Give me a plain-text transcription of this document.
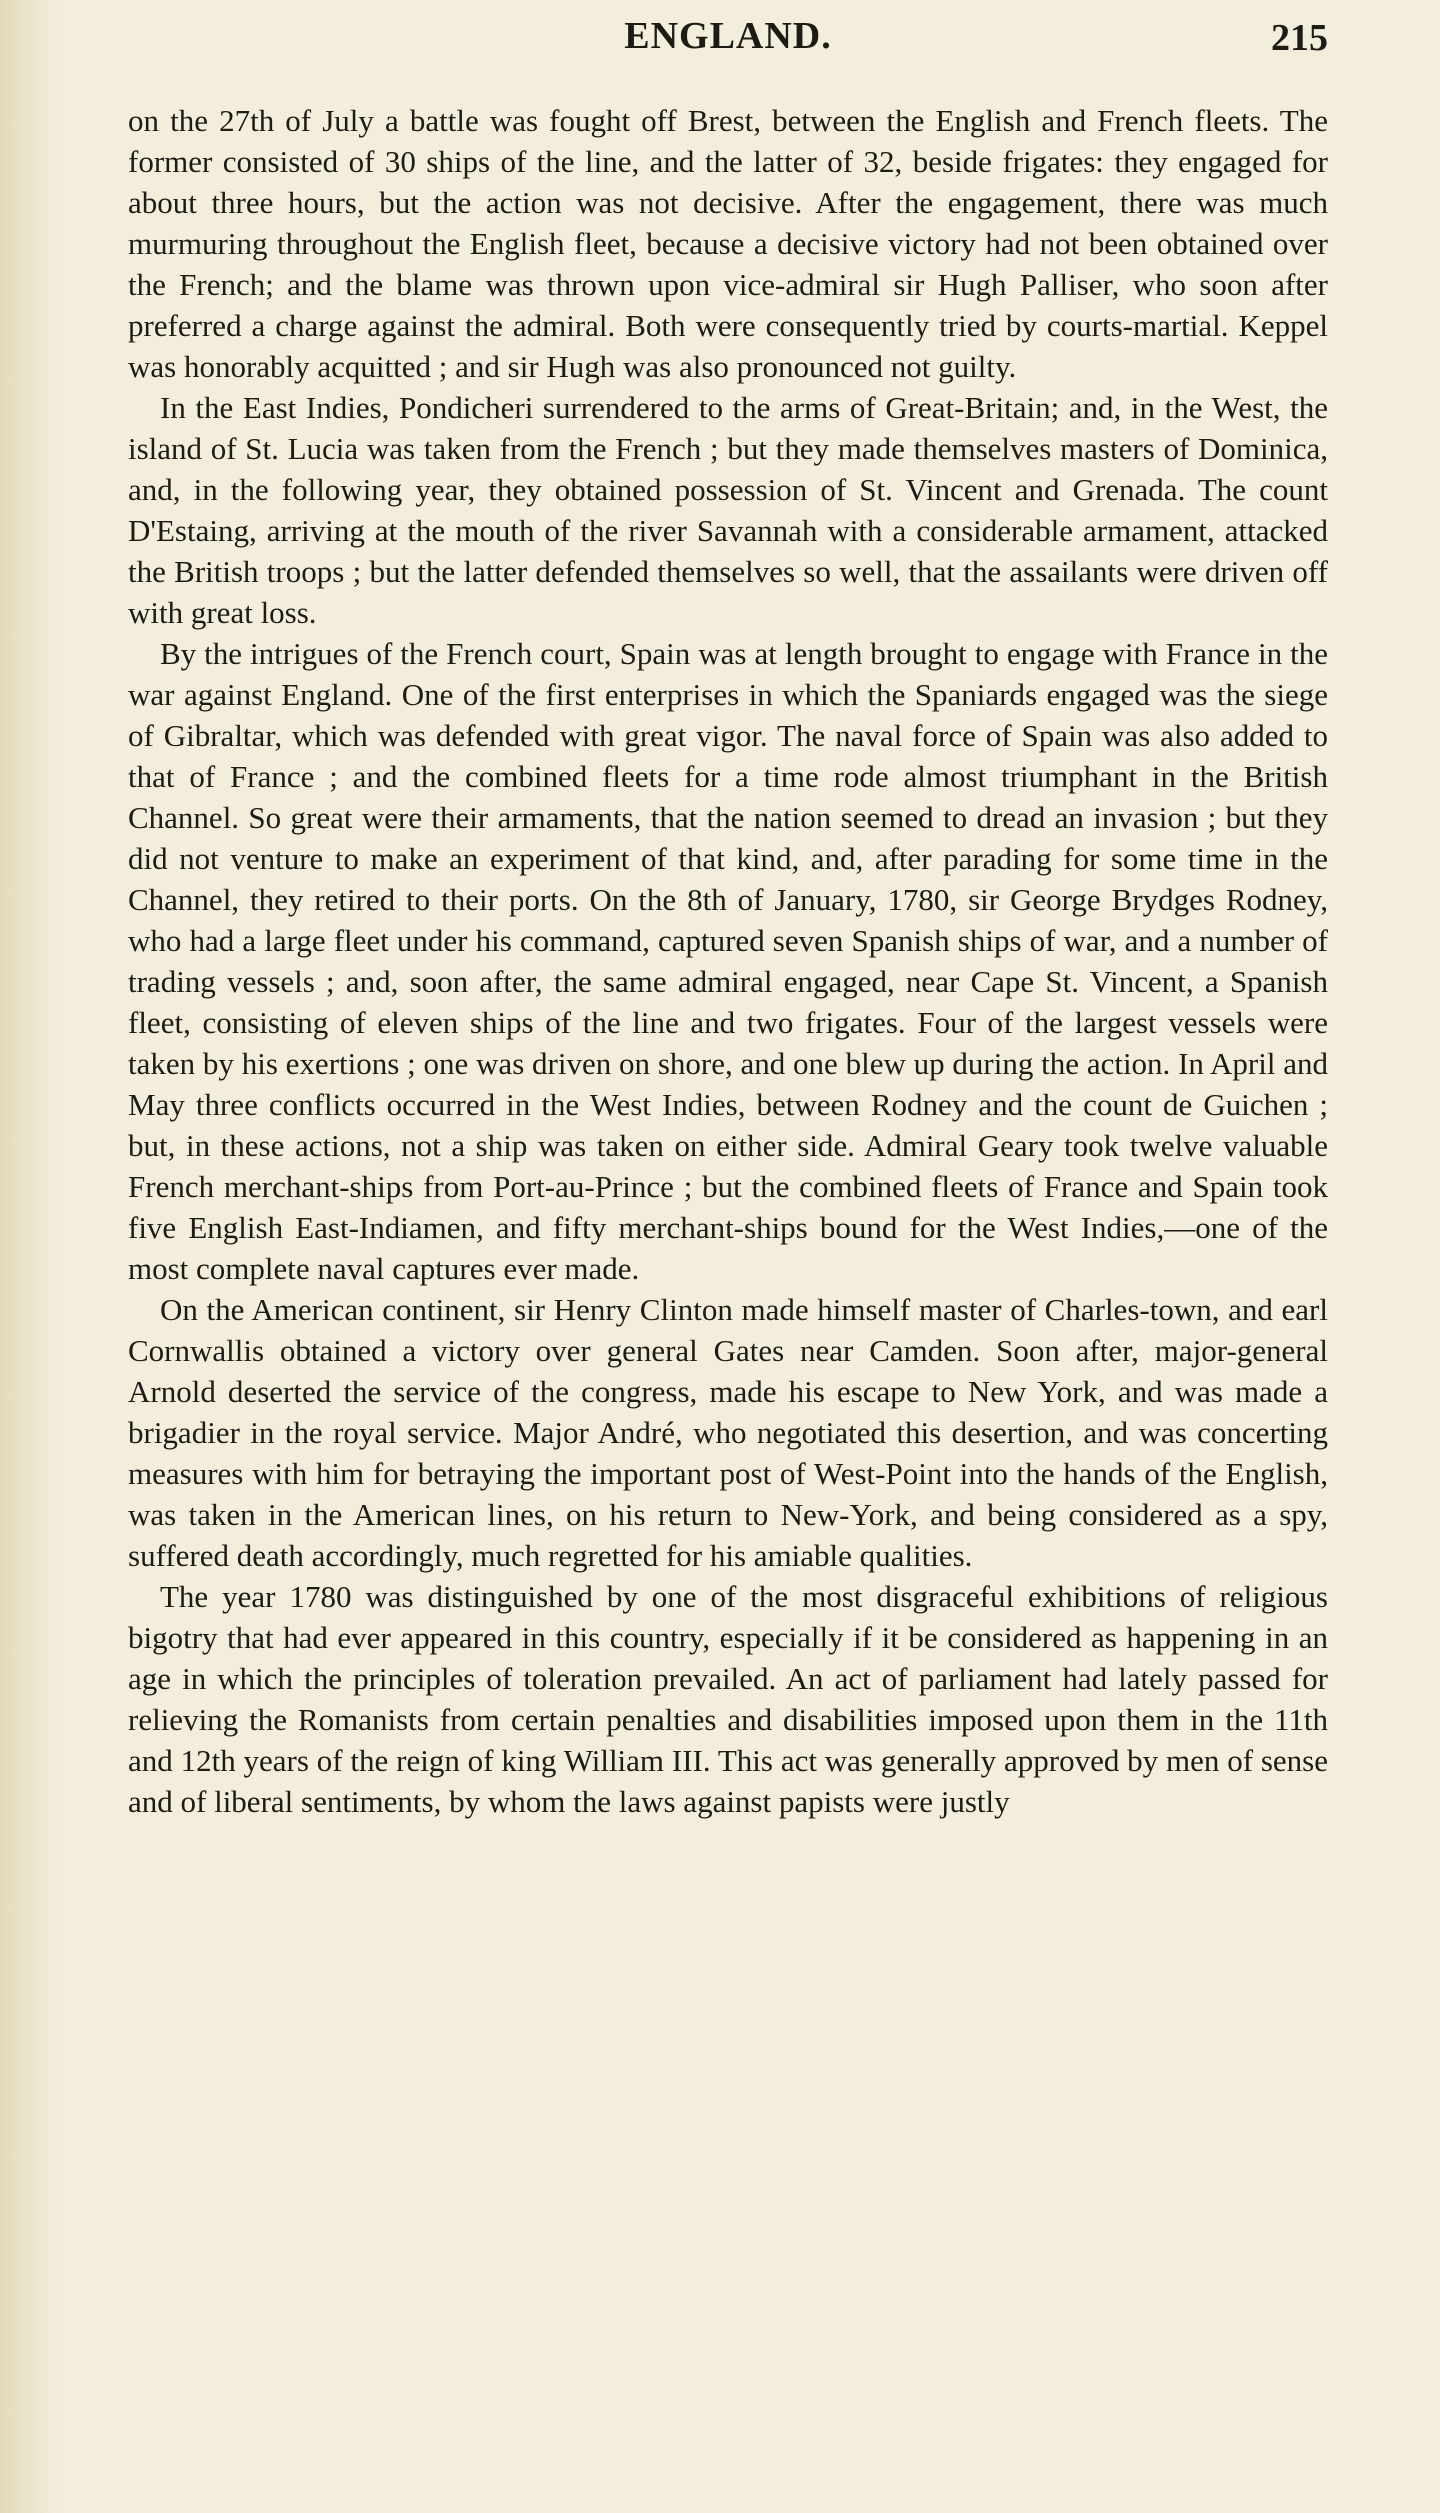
ENGLAND.	215

on the 27th of July a battle was fought off Brest, between the English and French fleets. The former consisted of 30 ships of the line, and the latter of 32, beside frigates: they engaged for about three hours, but the action was not decisive. After the engagement, there was much murmuring throughout the English fleet, because a decisive victory had not been obtained over the French; and the blame was thrown upon vice-admiral sir Hugh Palliser, who soon after preferred a charge against the admiral. Both were consequently tried by courts-martial. Keppel was honorably acquitted ; and sir Hugh was also pronounced not guilty.

In the East Indies, Pondicheri surrendered to the arms of Great-Britain; and, in the West, the island of St. Lucia was taken from the French ; but they made themselves masters of Dominica, and, in the following year, they obtained possession of St. Vincent and Grenada. The count D'Estaing, arriving at the mouth of the river Savannah with a considerable armament, attacked the British troops ; but the latter defended themselves so well, that the assailants were driven off with great loss.

By the intrigues of the French court, Spain was at length brought to engage with France in the war against England. One of the first enterprises in which the Spaniards engaged was the siege of Gibraltar, which was defended with great vigor. The naval force of Spain was also added to that of France ; and the combined fleets for a time rode almost triumphant in the British Channel. So great were their armaments, that the nation seemed to dread an invasion ; but they did not venture to make an experiment of that kind, and, after parading for some time in the Channel, they retired to their ports. On the 8th of January, 1780, sir George Brydges Rodney, who had a large fleet under his command, captured seven Spanish ships of war, and a number of trading vessels ; and, soon after, the same admiral engaged, near Cape St. Vincent, a Spanish fleet, consisting of eleven ships of the line and two frigates. Four of the largest vessels were taken by his exertions ; one was driven on shore, and one blew up during the action. In April and May three conflicts occurred in the West Indies, between Rodney and the count de Guichen ; but, in these actions, not a ship was taken on either side. Admiral Geary took twelve valuable French merchant-ships from Port-au-Prince ; but the combined fleets of France and Spain took five English East-Indiamen, and fifty merchant-ships bound for the West Indies,—one of the most complete naval captures ever made.

On the American continent, sir Henry Clinton made himself master of Charles-town, and earl Cornwallis obtained a victory over general Gates near Camden. Soon after, major-general Arnold deserted the service of the congress, made his escape to New York, and was made a brigadier in the royal service. Major André, who negotiated this desertion, and was concerting measures with him for betraying the important post of West-Point into the hands of the English, was taken in the American lines, on his return to New-York, and being considered as a spy, suffered death accordingly, much regretted for his amiable qualities.

The year 1780 was distinguished by one of the most disgraceful exhibitions of religious bigotry that had ever appeared in this country, especially if it be considered as happening in an age in which the principles of toleration prevailed. An act of parliament had lately passed for relieving the Romanists from certain penalties and disabilities imposed upon them in the 11th and 12th years of the reign of king William III. This act was generally approved by men of sense and of liberal sentiments, by whom the laws against papists were justly
